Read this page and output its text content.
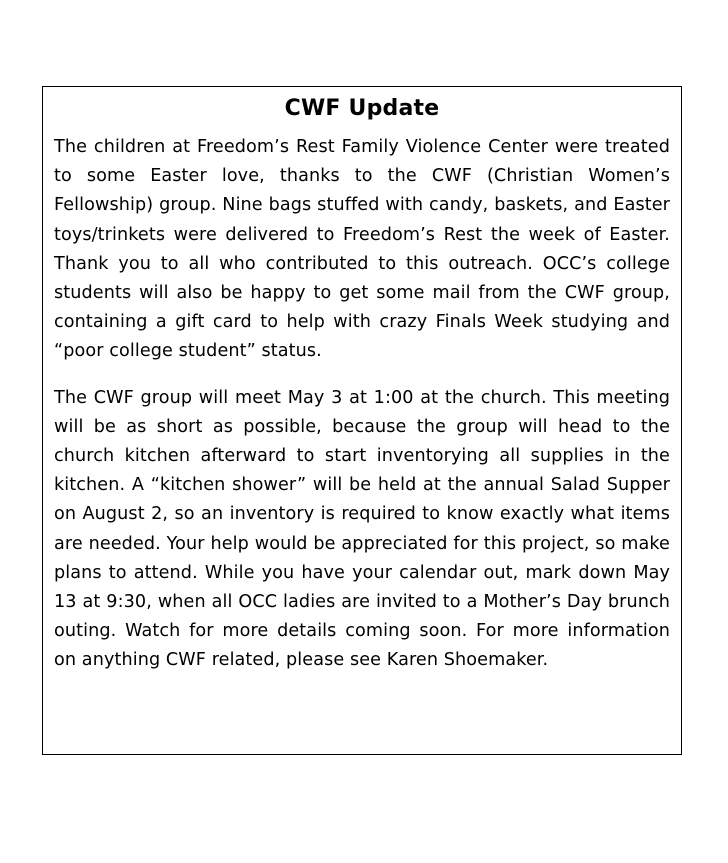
CWF Update

The children at Freedom’s Rest Family Violence Center were treated to some Easter love, thanks to the CWF (Christian Women’s Fellowship) group. Nine bags stuffed with candy, baskets, and Easter toys/trinkets were delivered to Freedom’s Rest the week of Easter. Thank you to all who contributed to this outreach. OCC’s college students will also be happy to get some mail from the CWF group, containing a gift card to help with crazy Finals Week studying and “poor college student” status.

The CWF group will meet May 3 at 1:00 at the church. This meeting will be as short as possible, because the group will head to the church kitchen afterward to start inventorying all supplies in the kitchen. A “kitchen shower” will be held at the annual Salad Supper on August 2, so an inventory is required to know exactly what items are needed. Your help would be appreciated for this project, so make plans to attend. While you have your calendar out, mark down May 13 at 9:30, when all OCC ladies are invited to a Mother’s Day brunch outing. Watch for more details coming soon. For more information on anything CWF related, please see Karen Shoemaker.
